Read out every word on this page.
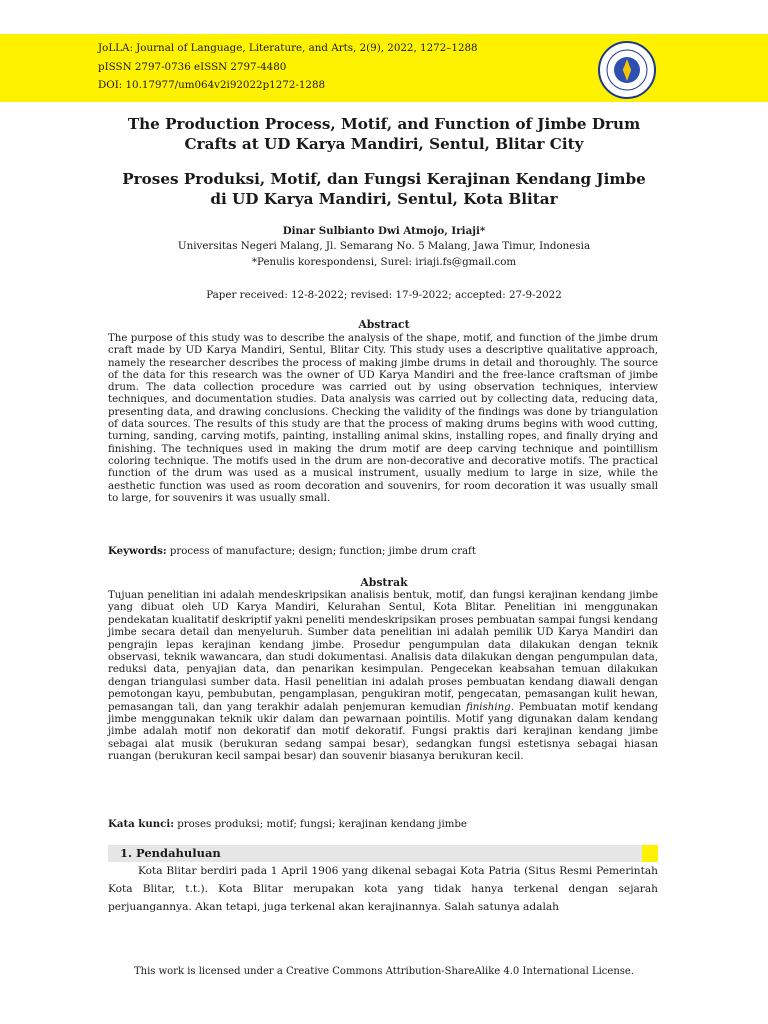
JoLLA: Journal of Language, Literature, and Arts, 2(9), 2022, 1272–1288
pISSN 2797-0736 eISSN 2797-4480
DOI: 10.17977/um064v2i92022p1272-1288
The Production Process, Motif, and Function of Jimbe Drum
Crafts at UD Karya Mandiri, Sentul, Blitar City
Proses Produksi, Motif, dan Fungsi Kerajinan Kendang Jimbe
di UD Karya Mandiri, Sentul, Kota Blitar
Dinar Sulbianto Dwi Atmojo, Iriaji*
Universitas Negeri Malang, Jl. Semarang No. 5 Malang, Jawa Timur, Indonesia
*Penulis korespondensi, Surel: iriaji.fs@gmail.com
Paper received: 12-8-2022; revised: 17-9-2022; accepted: 27-9-2022
Abstract
The purpose of this study was to describe the analysis of the shape, motif, and function of the jimbe drum craft made by UD Karya Mandiri, Sentul, Blitar City. This study uses a descriptive qualitative approach, namely the researcher describes the process of making jimbe drums in detail and thoroughly. The source of the data for this research was the owner of UD Karya Mandiri and the free-lance craftsman of jimbe drum. The data collection procedure was carried out by using observation techniques, interview techniques, and documentation studies. Data analysis was carried out by collecting data, reducing data, presenting data, and drawing conclusions. Checking the validity of the findings was done by triangulation of data sources. The results of this study are that the process of making drums begins with wood cutting, turning, sanding, carving motifs, painting, installing animal skins, installing ropes, and finally drying and finishing. The techniques used in making the drum motif are deep carving technique and pointillism coloring technique. The motifs used in the drum are non-decorative and decorative motifs. The practical function of the drum was used as a musical instrument, usually medium to large in size, while the aesthetic function was used as room decoration and souvenirs, for room decoration it was usually small to large, for souvenirs it was usually small.
Keywords: process of manufacture; design; function; jimbe drum craft
Abstrak
Tujuan penelitian ini adalah mendeskripsikan analisis bentuk, motif, dan fungsi kerajinan kendang jimbe yang dibuat oleh UD Karya Mandiri, Kelurahan Sentul, Kota Blitar. Penelitian ini menggunakan pendekatan kualitatif deskriptif yakni peneliti mendeskripsikan proses pembuatan sampai fungsi kendang jimbe secara detail dan menyeluruh. Sumber data penelitian ini adalah pemilik UD Karya Mandiri dan pengrajin lepas kerajinan kendang jimbe. Prosedur pengumpulan data dilakukan dengan teknik observasi, teknik wawancara, dan studi dokumentasi. Analisis data dilakukan dengan pengumpulan data, reduksi data, penyajian data, dan penarikan kesimpulan. Pengecekan keabsahan temuan dilakukan dengan triangulasi sumber data. Hasil penelitian ini adalah proses pembuatan kendang diawali dengan pemotongan kayu, pembubutan, pengamplasan, pengukiran motif, pengecatan, pemasangan kulit hewan, pemasangan tali, dan yang terakhir adalah penjemuran kemudian finishing. Pembuatan motif kendang jimbe menggunakan teknik ukir dalam dan pewarnaan pointilis. Motif yang digunakan dalam kendang jimbe adalah motif non dekoratif dan motif dekoratif. Fungsi praktis dari kerajinan kendang jimbe sebagai alat musik (berukuran sedang sampai besar), sedangkan fungsi estetisnya sebagai hiasan ruangan (berukuran kecil sampai besar) dan souvenir biasanya berukuran kecil.
Kata kunci: proses produksi; motif; fungsi; kerajinan kendang jimbe
1. Pendahuluan
Kota Blitar berdiri pada 1 April 1906 yang dikenal sebagai Kota Patria (Situs Resmi Pemerintah Kota Blitar, t.t.). Kota Blitar merupakan kota yang tidak hanya terkenal dengan sejarah perjuangannya. Akan tetapi, juga terkenal akan kerajinannya. Salah satunya adalah
This work is licensed under a Creative Commons Attribution-ShareAlike 4.0 International License.
